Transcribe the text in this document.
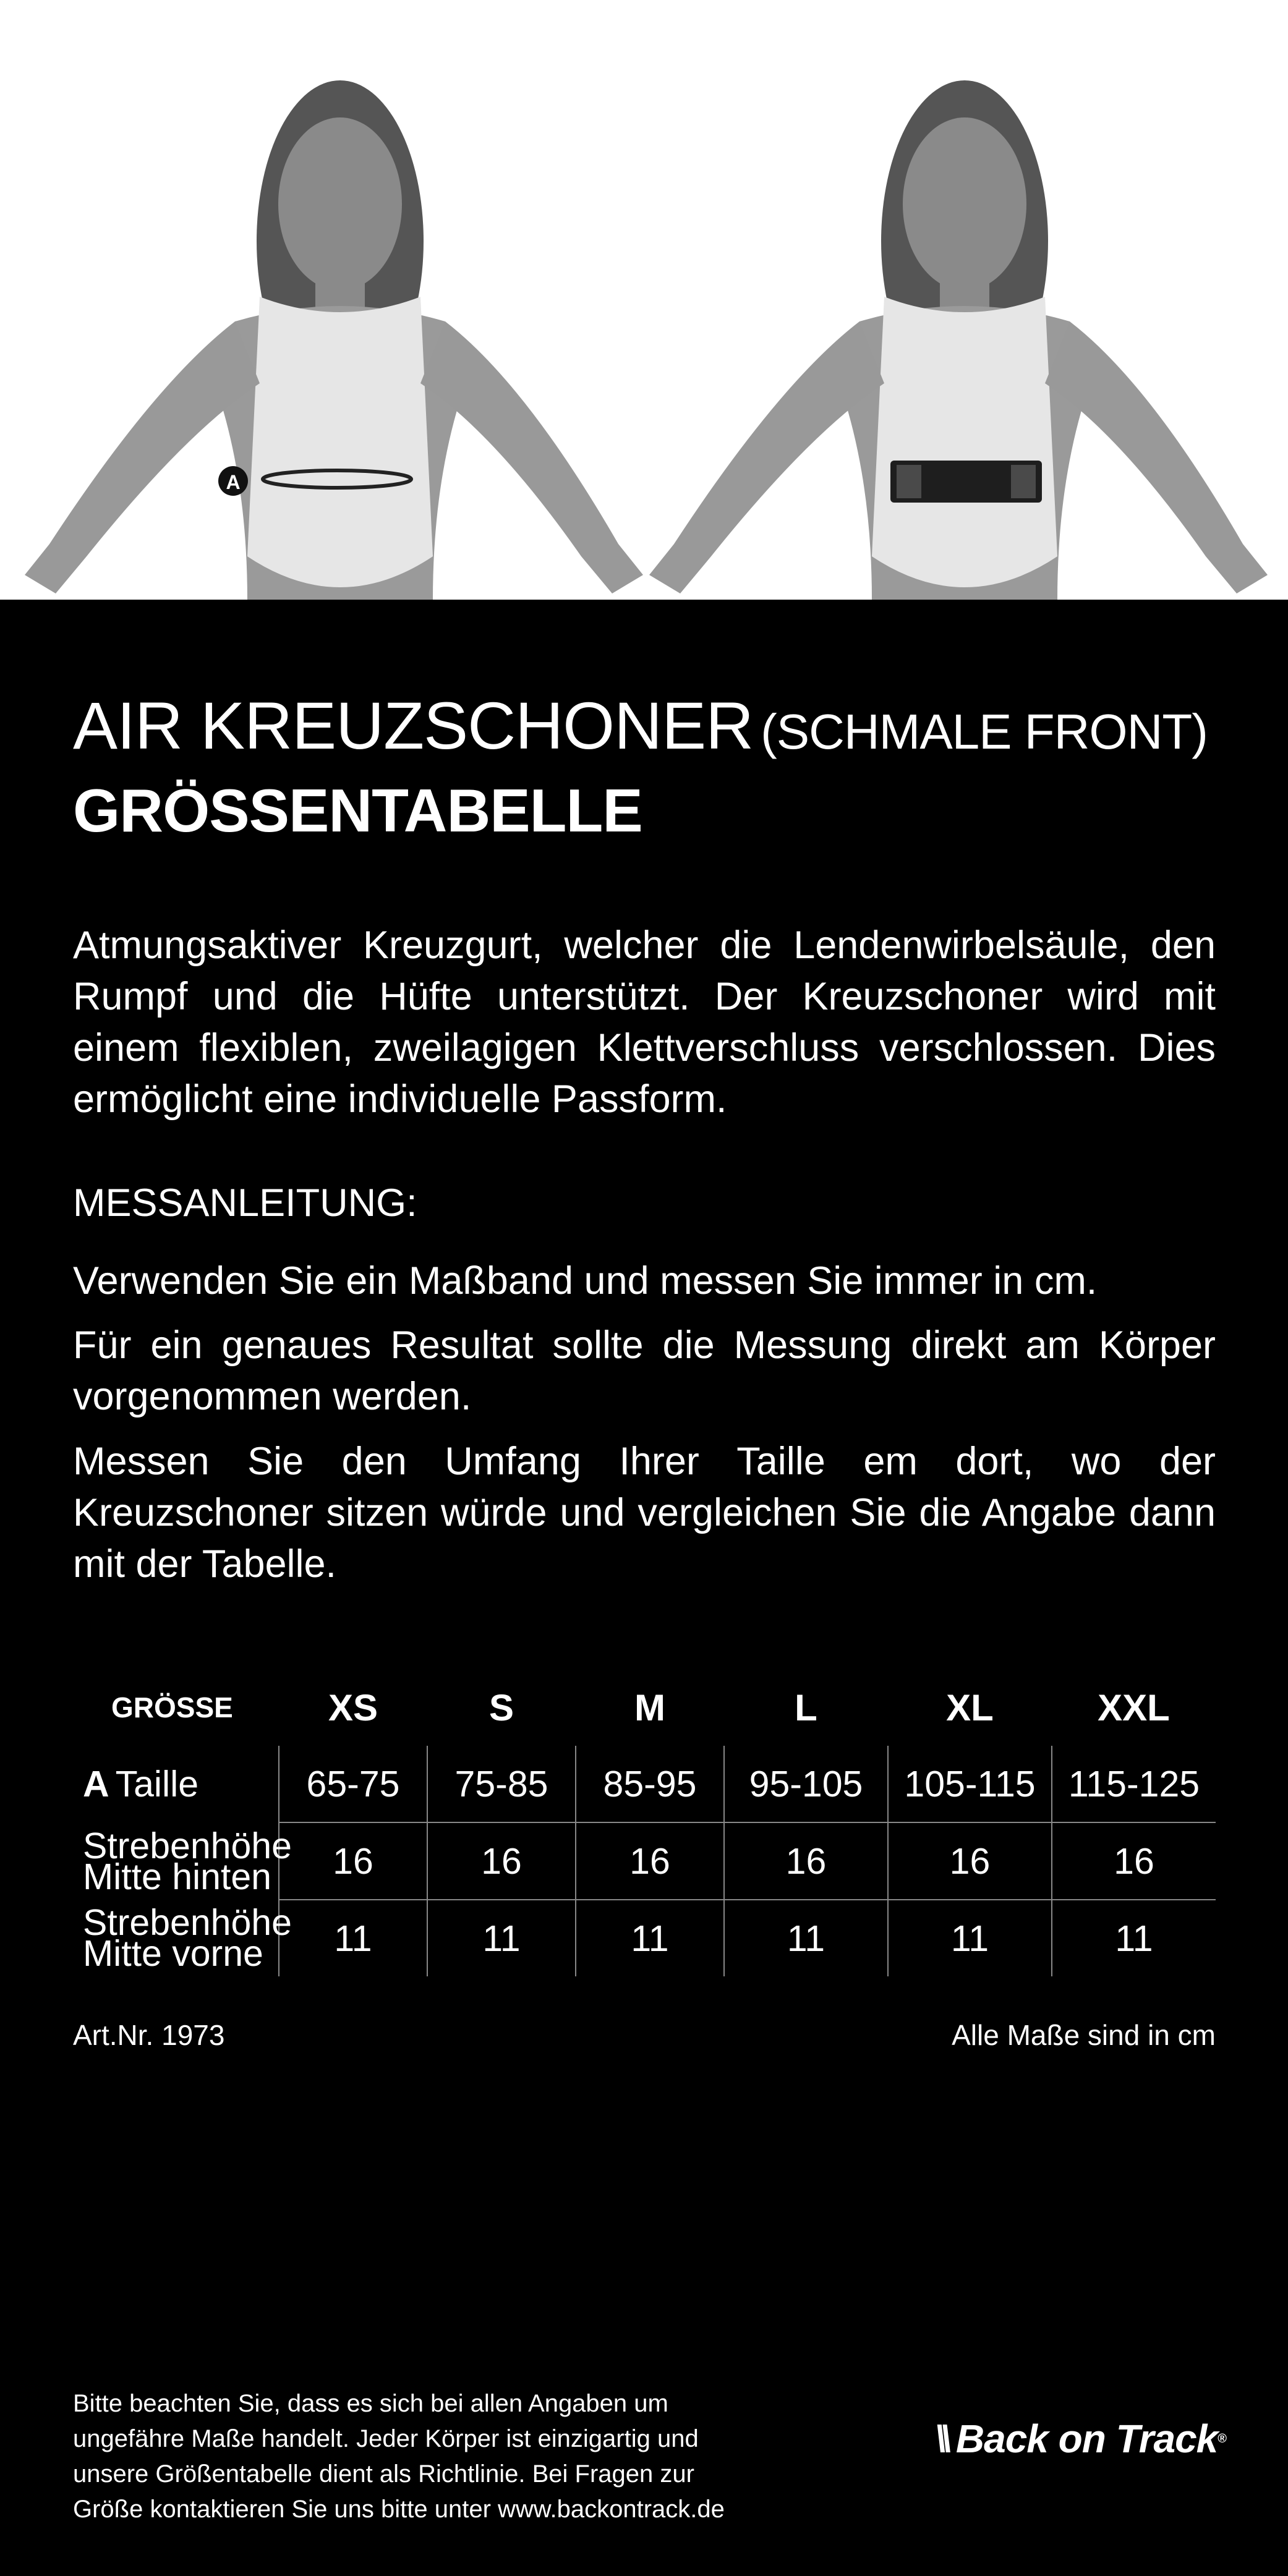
A
AIR KREUZSCHONER (SCHMALE FRONT)
GRÖSSENTABELLE
Atmungsaktiver Kreuzgurt, welcher die Lendenwirbelsäule, den Rumpf und die Hüfte unterstützt. Der Kreuzschoner wird mit einem flexiblen, zweilagigen Klettverschluss verschlossen. Dies ermöglicht eine individuelle Passform.
MESSANLEITUNG:
Verwenden Sie ein Maßband und messen Sie immer in cm.
Für ein genaues Resultat sollte die Messung direkt am Körper vorgenommen werden.
Messen Sie den Umfang Ihrer Taille em dort, wo der Kreuzschoner sitzen würde und vergleichen Sie die Angabe dann mit der Tabelle.
GRÖSSE	XS	S	M	L	XL	XXL
A Taille	65-75	75-85	85-95	95-105	105-115	115-125

Strebenhöhe
Mitte hinten	16	16	16	16	16	16

Strebenhöhe
Mitte vorne	11	11	11	11	11	11
Art.Nr. 1973	Alle Maße sind in cm
Bitte beachten Sie, dass es sich bei allen Angaben um
ungefähre Maße handelt. Jeder Körper ist einzigartig und
unsere Größentabelle dient als Richtlinie. Bei Fragen zur
Größe kontaktieren Sie uns bitte unter www.backontrack.de
\\ Back on Track ®
